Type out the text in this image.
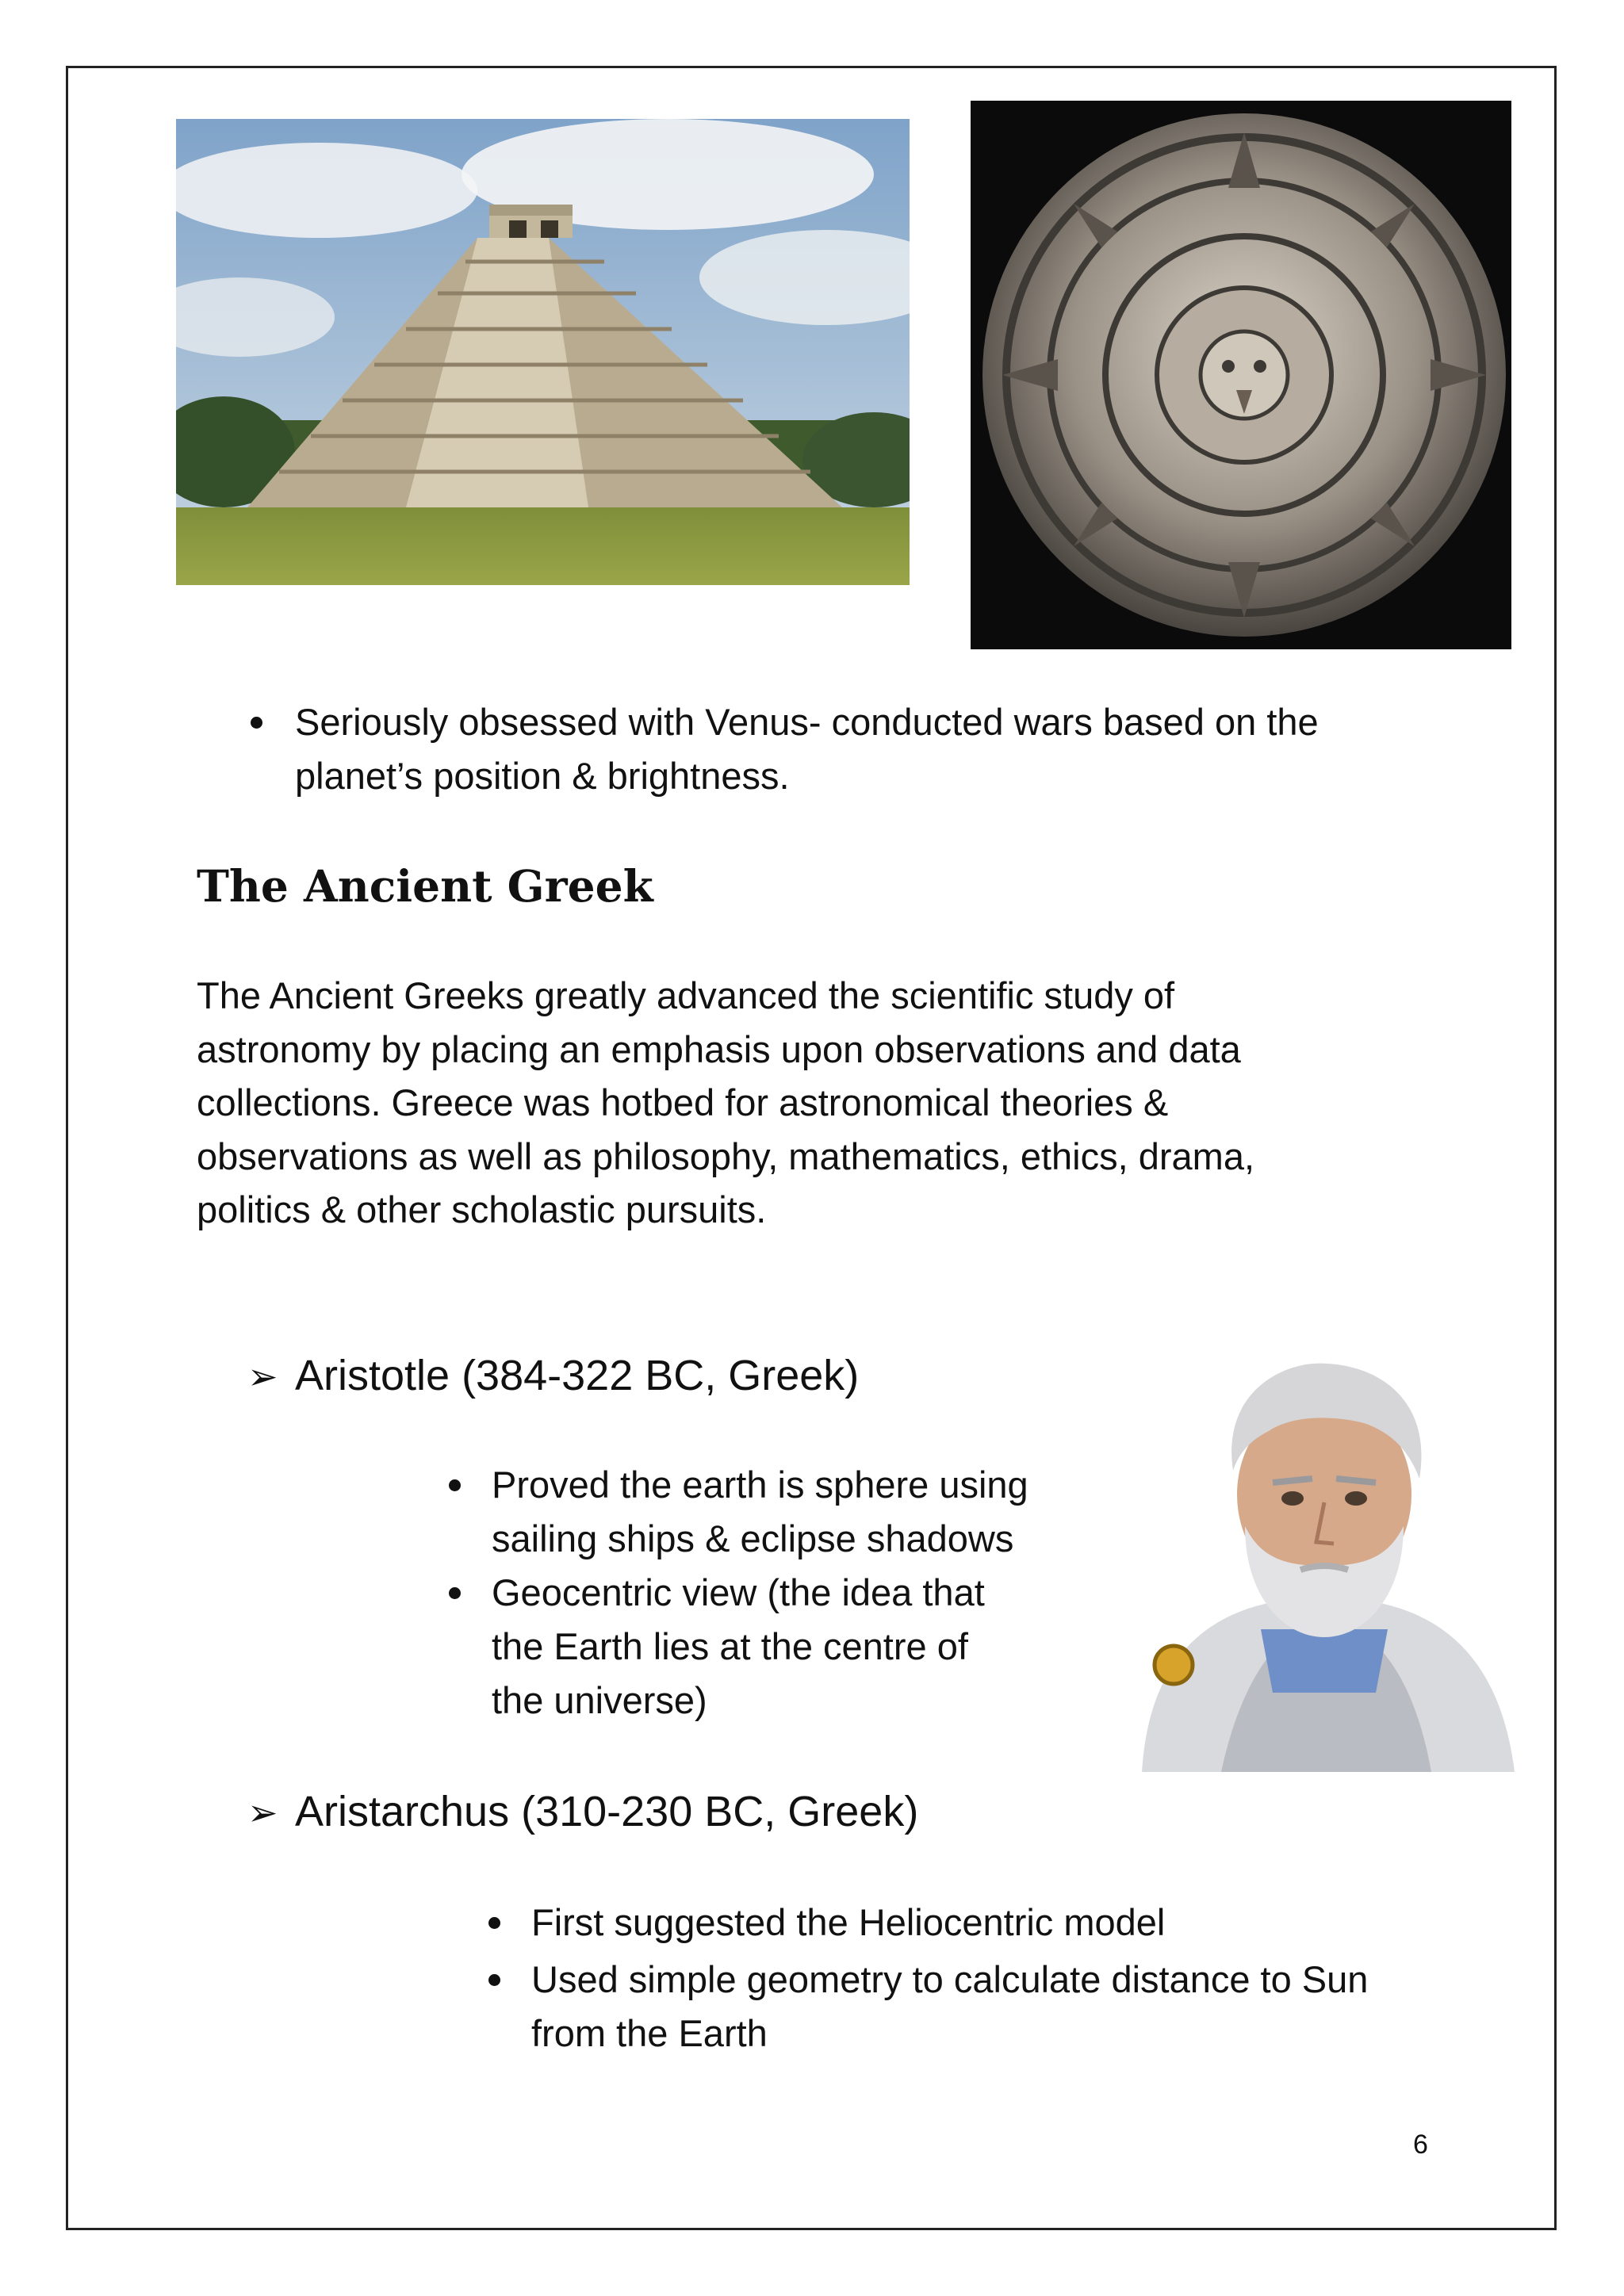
Seriously obsessed with Venus- conducted wars based on the
planet’s position & brightness.
The Ancient Greek
The Ancient Greeks greatly advanced the scientific study of
astronomy by placing an emphasis upon observations and data
collections. Greece was hotbed for astronomical theories &
observations as well as philosophy, mathematics, ethics, drama,
politics & other scholastic pursuits.
➢ Aristotle (384-322 BC, Greek)
Proved the earth is sphere using
sailing ships & eclipse shadows
Geocentric view (the idea that
the Earth lies at the centre of
the universe)
➢ Aristarchus (310-230 BC, Greek)
First suggested the Heliocentric model
Used simple geometry to calculate distance to Sun
from the Earth
6
